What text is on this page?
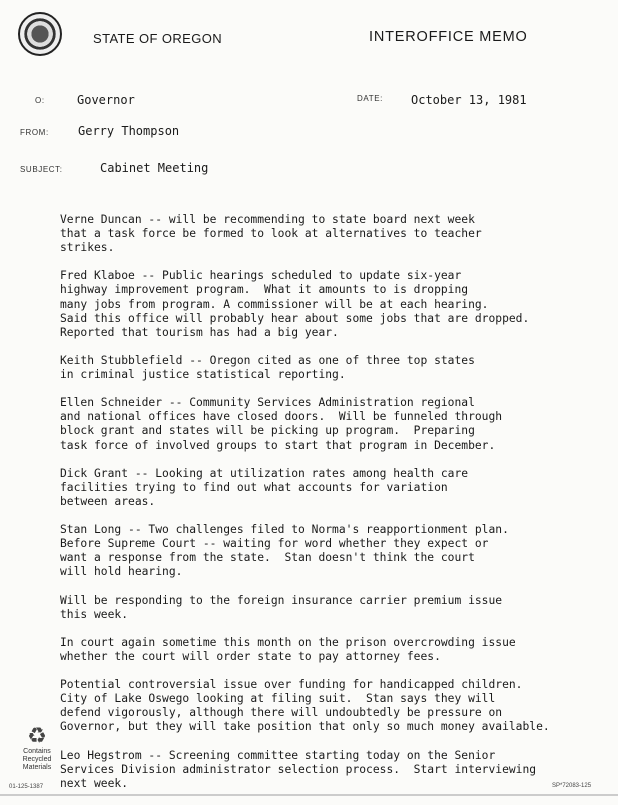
STATE OF OREGON	INTEROFFICE MEMO
O:	Governor	DATE: October 13, 1981
FROM: Gerry Thompson
SUBJECT:	Cabinet Meeting
Verne Duncan -- will be recommending to state board next week
that a task force be formed to look at alternatives to teacher
strikes.
Fred Klaboe -- Public hearings scheduled to update six-year
highway improvement program.  What it amounts to is dropping
many jobs from program. A commissioner will be at each hearing.
Said this office will probably hear about some jobs that are dropped.
Reported that tourism has had a big year.
Keith Stubblefield -- Oregon cited as one of three top states
in criminal justice statistical reporting.
Ellen Schneider -- Community Services Administration regional
and national offices have closed doors.  Will be funneled through
block grant and states will be picking up program.  Preparing
task force of involved groups to start that program in December.
Dick Grant -- Looking at utilization rates among health care
facilities trying to find out what accounts for variation
between areas.
Stan Long -- Two challenges filed to Norma's reapportionment plan.
Before Supreme Court -- waiting for word whether they expect or
want a response from the state.  Stan doesn't think the court
will hold hearing.
Will be responding to the foreign insurance carrier premium issue
this week.
In court again sometime this month on the prison overcrowding issue
whether the court will order state to pay attorney fees.
Potential controversial issue over funding for handicapped children.
City of Lake Oswego looking at filing suit.  Stan says they will
defend vigorously, although there will undoubtedly be pressure on
Governor, but they will take position that only so much money available.
Leo Hegstrom -- Screening committee starting today on the Senior
Services Division administrator selection process.  Start interviewing
next week.
♻
Contains
Recycled
Materials
01-125-1387	SP*72083-125
